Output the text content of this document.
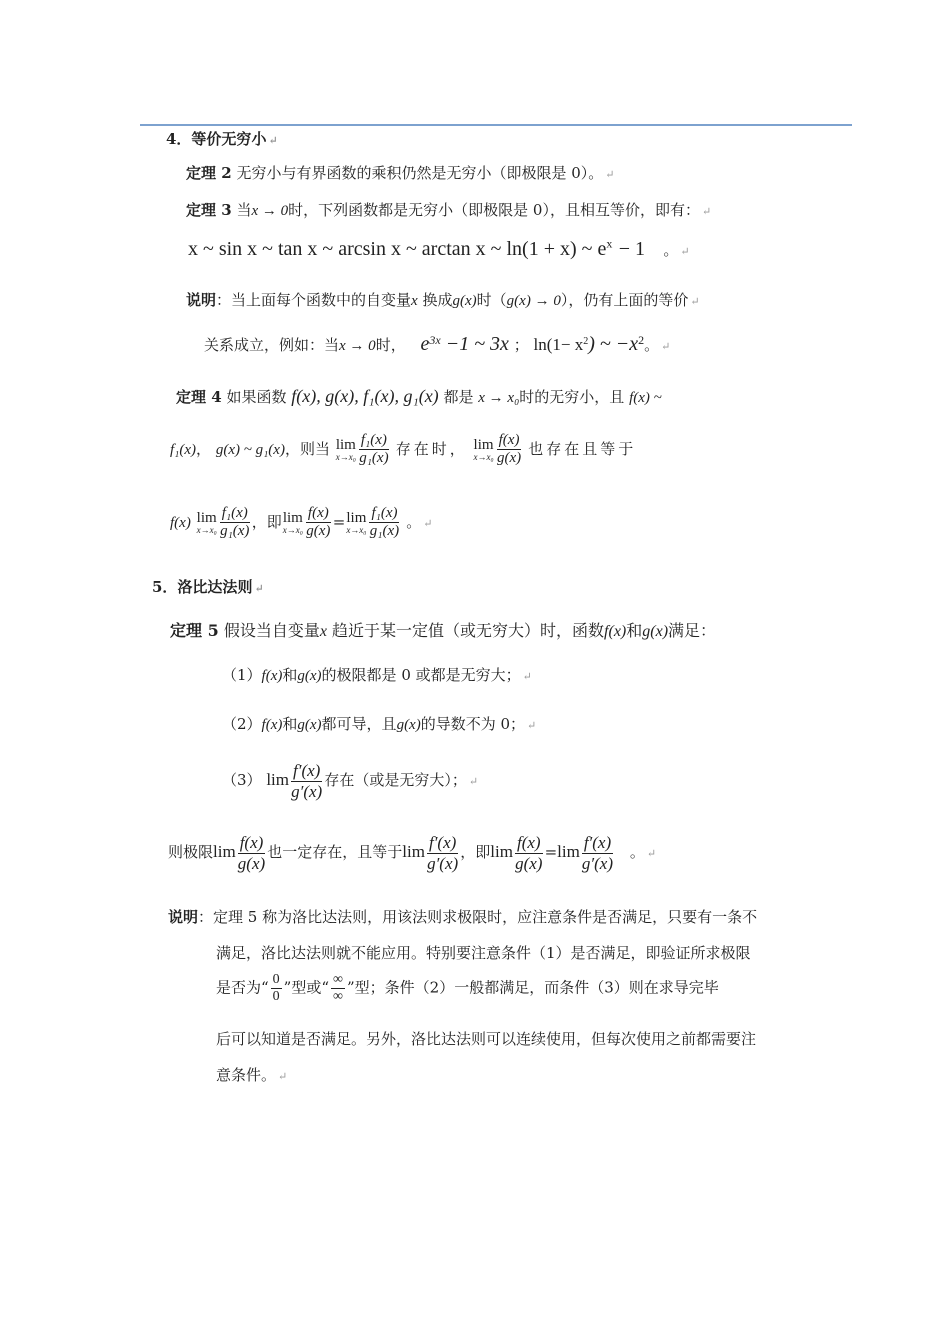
4．等价无穷小 ↵
定理 2 无穷小与有界函数的乘积仍然是无穷小（即极限是 0）。 ↵
定理 3 当x → 0时，下列函数都是无穷小（即极限是 0），且相互等价，即有： ↵
x ~ sin x ~ tan x ~ arcsin x ~ arctan x ~ ln(1 + x) ~ $e^x - 1$ 。 ↵
说明：当上面每个函数中的自变量x 换成g(x)时（g(x) → 0），仍有上面的等价 ↵
关系成立，例如：当x → 0时， $e^{3x} -1$ ~ 3x ； $\ln(1- x^2)$ ~ $-x^2$。 ↵
定理 4 如果函数 f(x), g(x), f₁(x), g₁(x) 都是 x → x₀时的无穷小，且 f(x) ~
f₁(x)， g(x) ~ g₁(x)，则当 lim
$x\to x_0 \frac{\text{f₁(x)}}{\text{g₁(x)}}$ 存在时， lim
$x\to x_0 \frac{f(x)}{g(x)}$ 也存在且等于
f(x) lim
$x\to x_0 \frac{\text{f₁(x)}}{\text{g₁(x)}}$ ，即 lim
$x\to x_0 \frac{f(x)}{g(x)} = \lim$
$x\to x_0 \frac{\text{f₁(x)}}{\text{g₁(x)}}$ 。 ↵
5．洛比达法则 ↵
定理 5 假设当自变量x 趋近于某一定值（或无穷大）时，函数f(x)和g(x)满足：
（1）f(x)和g(x)的极限都是 0 或都是无穷大； ↵
（2）f(x)和g(x)都可导，且g(x)的导数不为 0； ↵
（3） $\lim \frac{f'(x)}{g'(x)}$ 存在（或是无穷大）； ↵
则极限$\lim \frac{f(x)}{g(x)}$ 也一定存在，且等于$\lim \frac{f'(x)}{g'(x)}$ ，即$\lim \frac{f(x)}{g(x)} =\lim \frac{f'(x)}{g'(x)}$ 。 ↵
说明：定理 5 称为洛比达法则，用该法则求极限时，应注意条件是否满足，只要有一条不
满足，洛比达法则就不能应用。特别要注意条件（1）是否满足，即验证所求极限
是否为“ $\frac{0}{0}$ ”型或“ $\frac{\infty}{\infty}$ ”型；条件（2）一般都满足，而条件（3）则在求导完毕
后可以知道是否满足。另外，洛比达法则可以连续使用，但每次使用之前都需要注
意条件。 ↵
